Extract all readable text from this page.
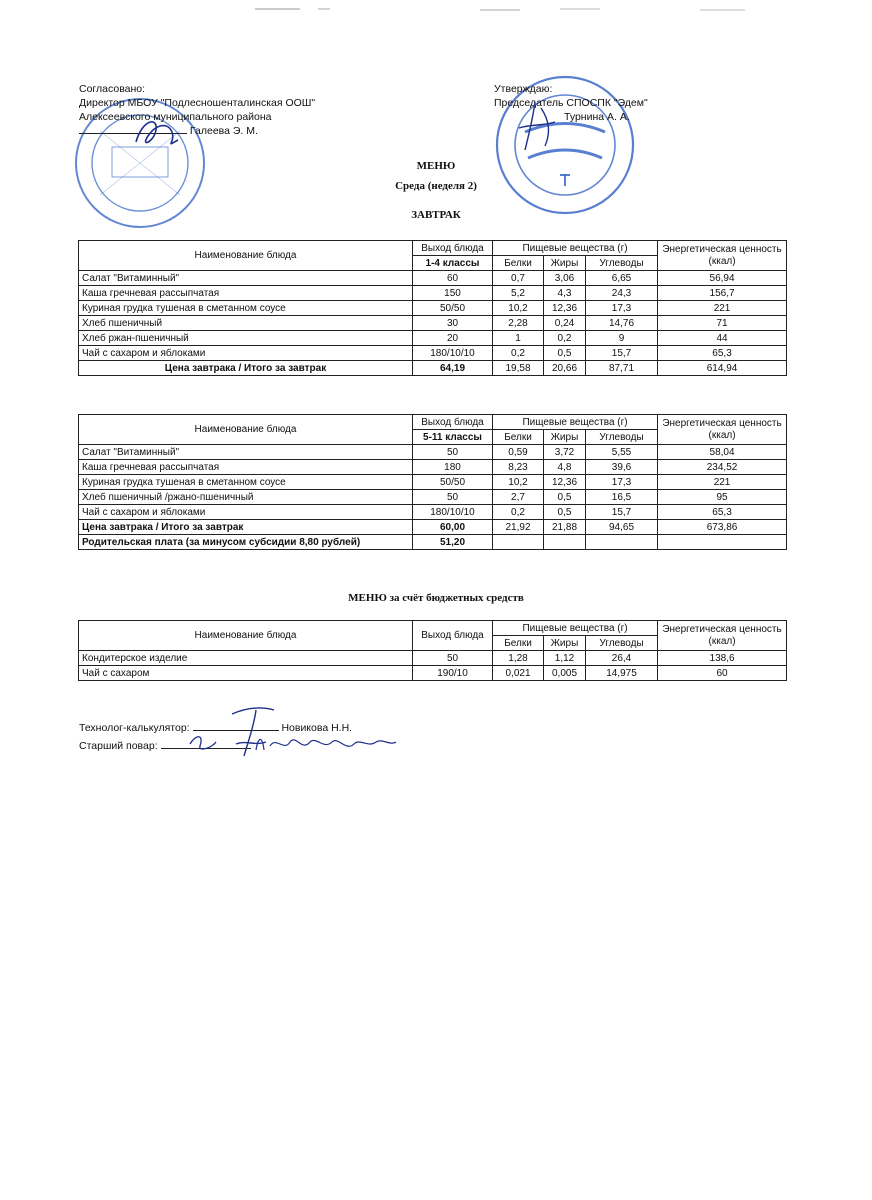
Согласовано:
Директор МБОУ "Подлесношенталинская ООШ"
Алексеевского муниципального района
Галеева Э. М.
Утверждаю:
Председатель СПОСПК "Эдем"
Турнина А. А.
МЕНЮ
Среда (неделя 2)
ЗАВТРАК
Наименование блюда	Выход блюда	Пищевые вещества (г)			Энергетическая ценность (ккал)
	1-4 классы	Белки	Жиры	Углеводы	
Салат "Витаминный"	60	0,7	3,06	6,65	56,94
Каша гречневая рассыпчатая	150	5,2	4,3	24,3	156,7
Куриная грудка тушеная в сметанном соусе	50/50	10,2	12,36	17,3	221
Хлеб пшеничный	30	2,28	0,24	14,76	71
Хлеб ржан-пшеничный	20	1	0,2	9	44
Чай с сахаром и яблоками	180/10/10	0,2	0,5	15,7	65,3
Цена завтрака / Итого за завтрак	64,19	19,58	20,66	87,71	614,94
Наименование блюда	Выход блюда	Пищевые вещества (г)			Энергетическая ценность (ккал)
	5-11 классы	Белки	Жиры	Углеводы	
Салат "Витаминный"	50	0,59	3,72	5,55	58,04
Каша гречневая рассыпчатая	180	8,23	4,8	39,6	234,52
Куриная грудка тушеная в сметанном соусе	50/50	10,2	12,36	17,3	221
Хлеб пшеничный /ржано-пшеничный	50	2,7	0,5	16,5	95
Чай с сахаром и яблоками	180/10/10	0,2	0,5	15,7	65,3
Цена завтрака / Итого за завтрак	60,00	21,92	21,88	94,65	673,86
Родительская плата (за минусом субсидии 8,80 рублей)	51,20				
МЕНЮ за счёт бюджетных средств
Наименование блюда	Выход блюда	Пищевые вещества (г)			Энергетическая ценность (ккал)
		Белки	Жиры	Углеводы	
Кондитерское изделие	50	1,28	1,12	26,4	138,6
Чай с сахаром	190/10	0,021	0,005	14,975	60
Технолог-калькулятор:	Новикова Н.Н.
Старший повар:
